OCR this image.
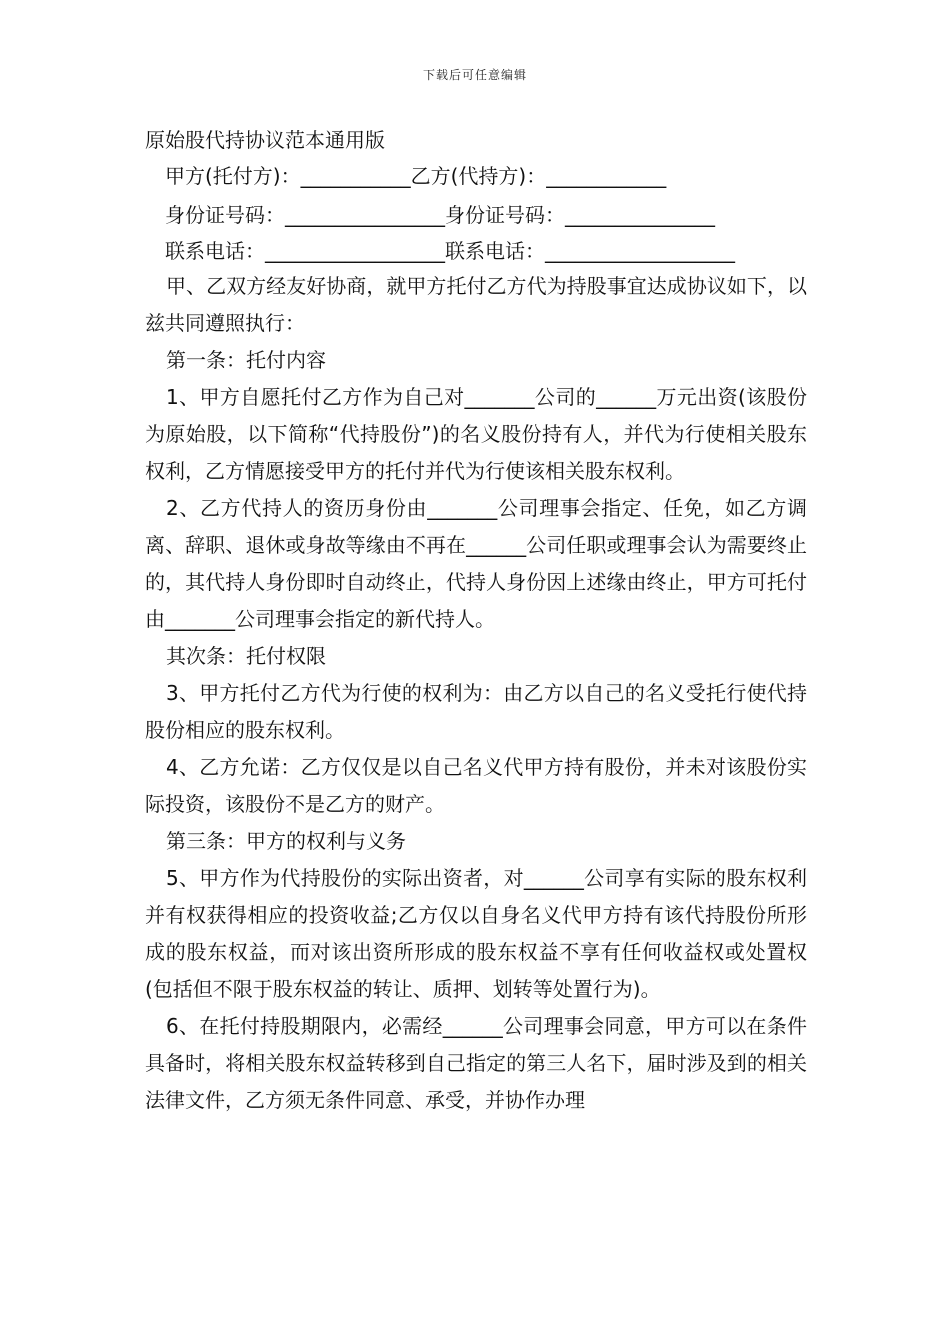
下载后可任意编辑
原始股代持协议范本通用版
甲方(托付方)：___________乙方(代持方)：____________
身份证号码：________________身份证号码：_______________
联系电话：__________________联系电话：___________________

甲、乙双方经友好协商，就甲方托付乙方代为持股事宜达成协议如下，以兹共同遵照执行：

第一条：托付内容

1、甲方自愿托付乙方作为自己对_______公司的______万元出资(该股份为原始股，以下简称“代持股份”)的名义股份持有人，并代为行使相关股东权利，乙方情愿接受甲方的托付并代为行使该相关股东权利。

2、乙方代持人的资历身份由_______公司理事会指定、任免，如乙方调离、辞职、退休或身故等缘由不再在______公司任职或理事会认为需要终止的，其代持人身份即时自动终止，代持人身份因上述缘由终止，甲方可托付由_______公司理事会指定的新代持人。

其次条：托付权限

3、甲方托付乙方代为行使的权利为：由乙方以自己的名义受托行使代持股份相应的股东权利。

4、乙方允诺：乙方仅仅是以自己名义代甲方持有股份，并未对该股份实际投资，该股份不是乙方的财产。

第三条：甲方的权利与义务

5、甲方作为代持股份的实际出资者，对______公司享有实际的股东权利并有权获得相应的投资收益;乙方仅以自身名义代甲方持有该代持股份所形成的股东权益，而对该出资所形成的股东权益不享有任何收益权或处置权(包括但不限于股东权益的转让、质押、划转等处置行为)。

6、在托付持股期限内，必需经______公司理事会同意，甲方可以在条件具备时，将相关股东权益转移到自己指定的第三人名下，届时涉及到的相关法律文件，乙方须无条件同意、承受，并协作办理
